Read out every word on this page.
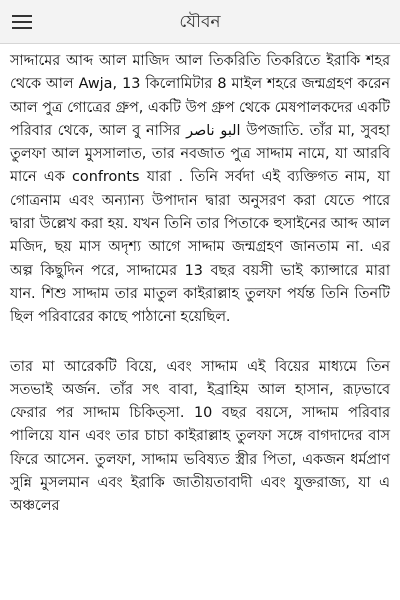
যৌবন

সাদ্দামের আব্দ আল মাজিদ আল তিকরিতি তিকরিতে ইরাকি শহর থেকে আল Awja, 13 কিলোমিটার 8 মাইল শহরে জন্মগ্রহণ করেন আল পুত্র গোত্রের গ্রুপ, একটি উপ গ্রুপ থেকে মেষপালকদের একটি পরিবার থেকে, আল বু নাসির البو ناصر উপজাতি. তাঁর মা, সুবহা তুলফা আল মুসসালাত, তার নবজাত পুত্র সাদ্দাম নামে, যা আরবি মানে এক confronts যারা . তিনি সর্বদা এই ব্যক্তিগত নাম, যা গোত্রনাম এবং অন্যান্য উপাদান দ্বারা অনুসরণ করা যেতে পারে দ্বারা উল্লেখ করা হয়. যখন তিনি তার পিতাকে হুসাইনের আব্দ আল মজিদ, ছয় মাস অদৃশ্য আগে সাদ্দাম জন্মগ্রহণ জানতাম না. এর অল্প কিছুদিন পরে, সাদ্দামের 13 বছর বয়সী ভাই ক্যান্সারে মারা যান. শিশু সাদ্দাম তার মাতুল কাইরাল্লাহ তুলফা পর্যন্ত তিনি তিনটি ছিল পরিবারের কাছে পাঠানো হয়েছিল.

তার মা আরেকটি বিয়ে, এবং সাদ্দাম এই বিয়ের মাধ্যমে তিন সতভাই অর্জন. তাঁর সৎ বাবা, ইব্রাহিম আল হাসান, রূঢ়ভাবে ফেরার পর সাদ্দাম চিকিত্সা. 10 বছর বয়সে, সাদ্দাম পরিবার পালিয়ে যান এবং তার চাচা কাইরাল্লাহ তুলফা সঙ্গে বাগদাদের বাস ফিরে আসেন. তুলফা, সাদ্দাম ভবিষ্যত স্ত্রীর পিতা, একজন ধর্মপ্রাণ সুন্নি মুসলমান এবং ইরাকি জাতীয়তাবাদী এবং যুক্তরাজ্য, যা এ অঞ্চলের
